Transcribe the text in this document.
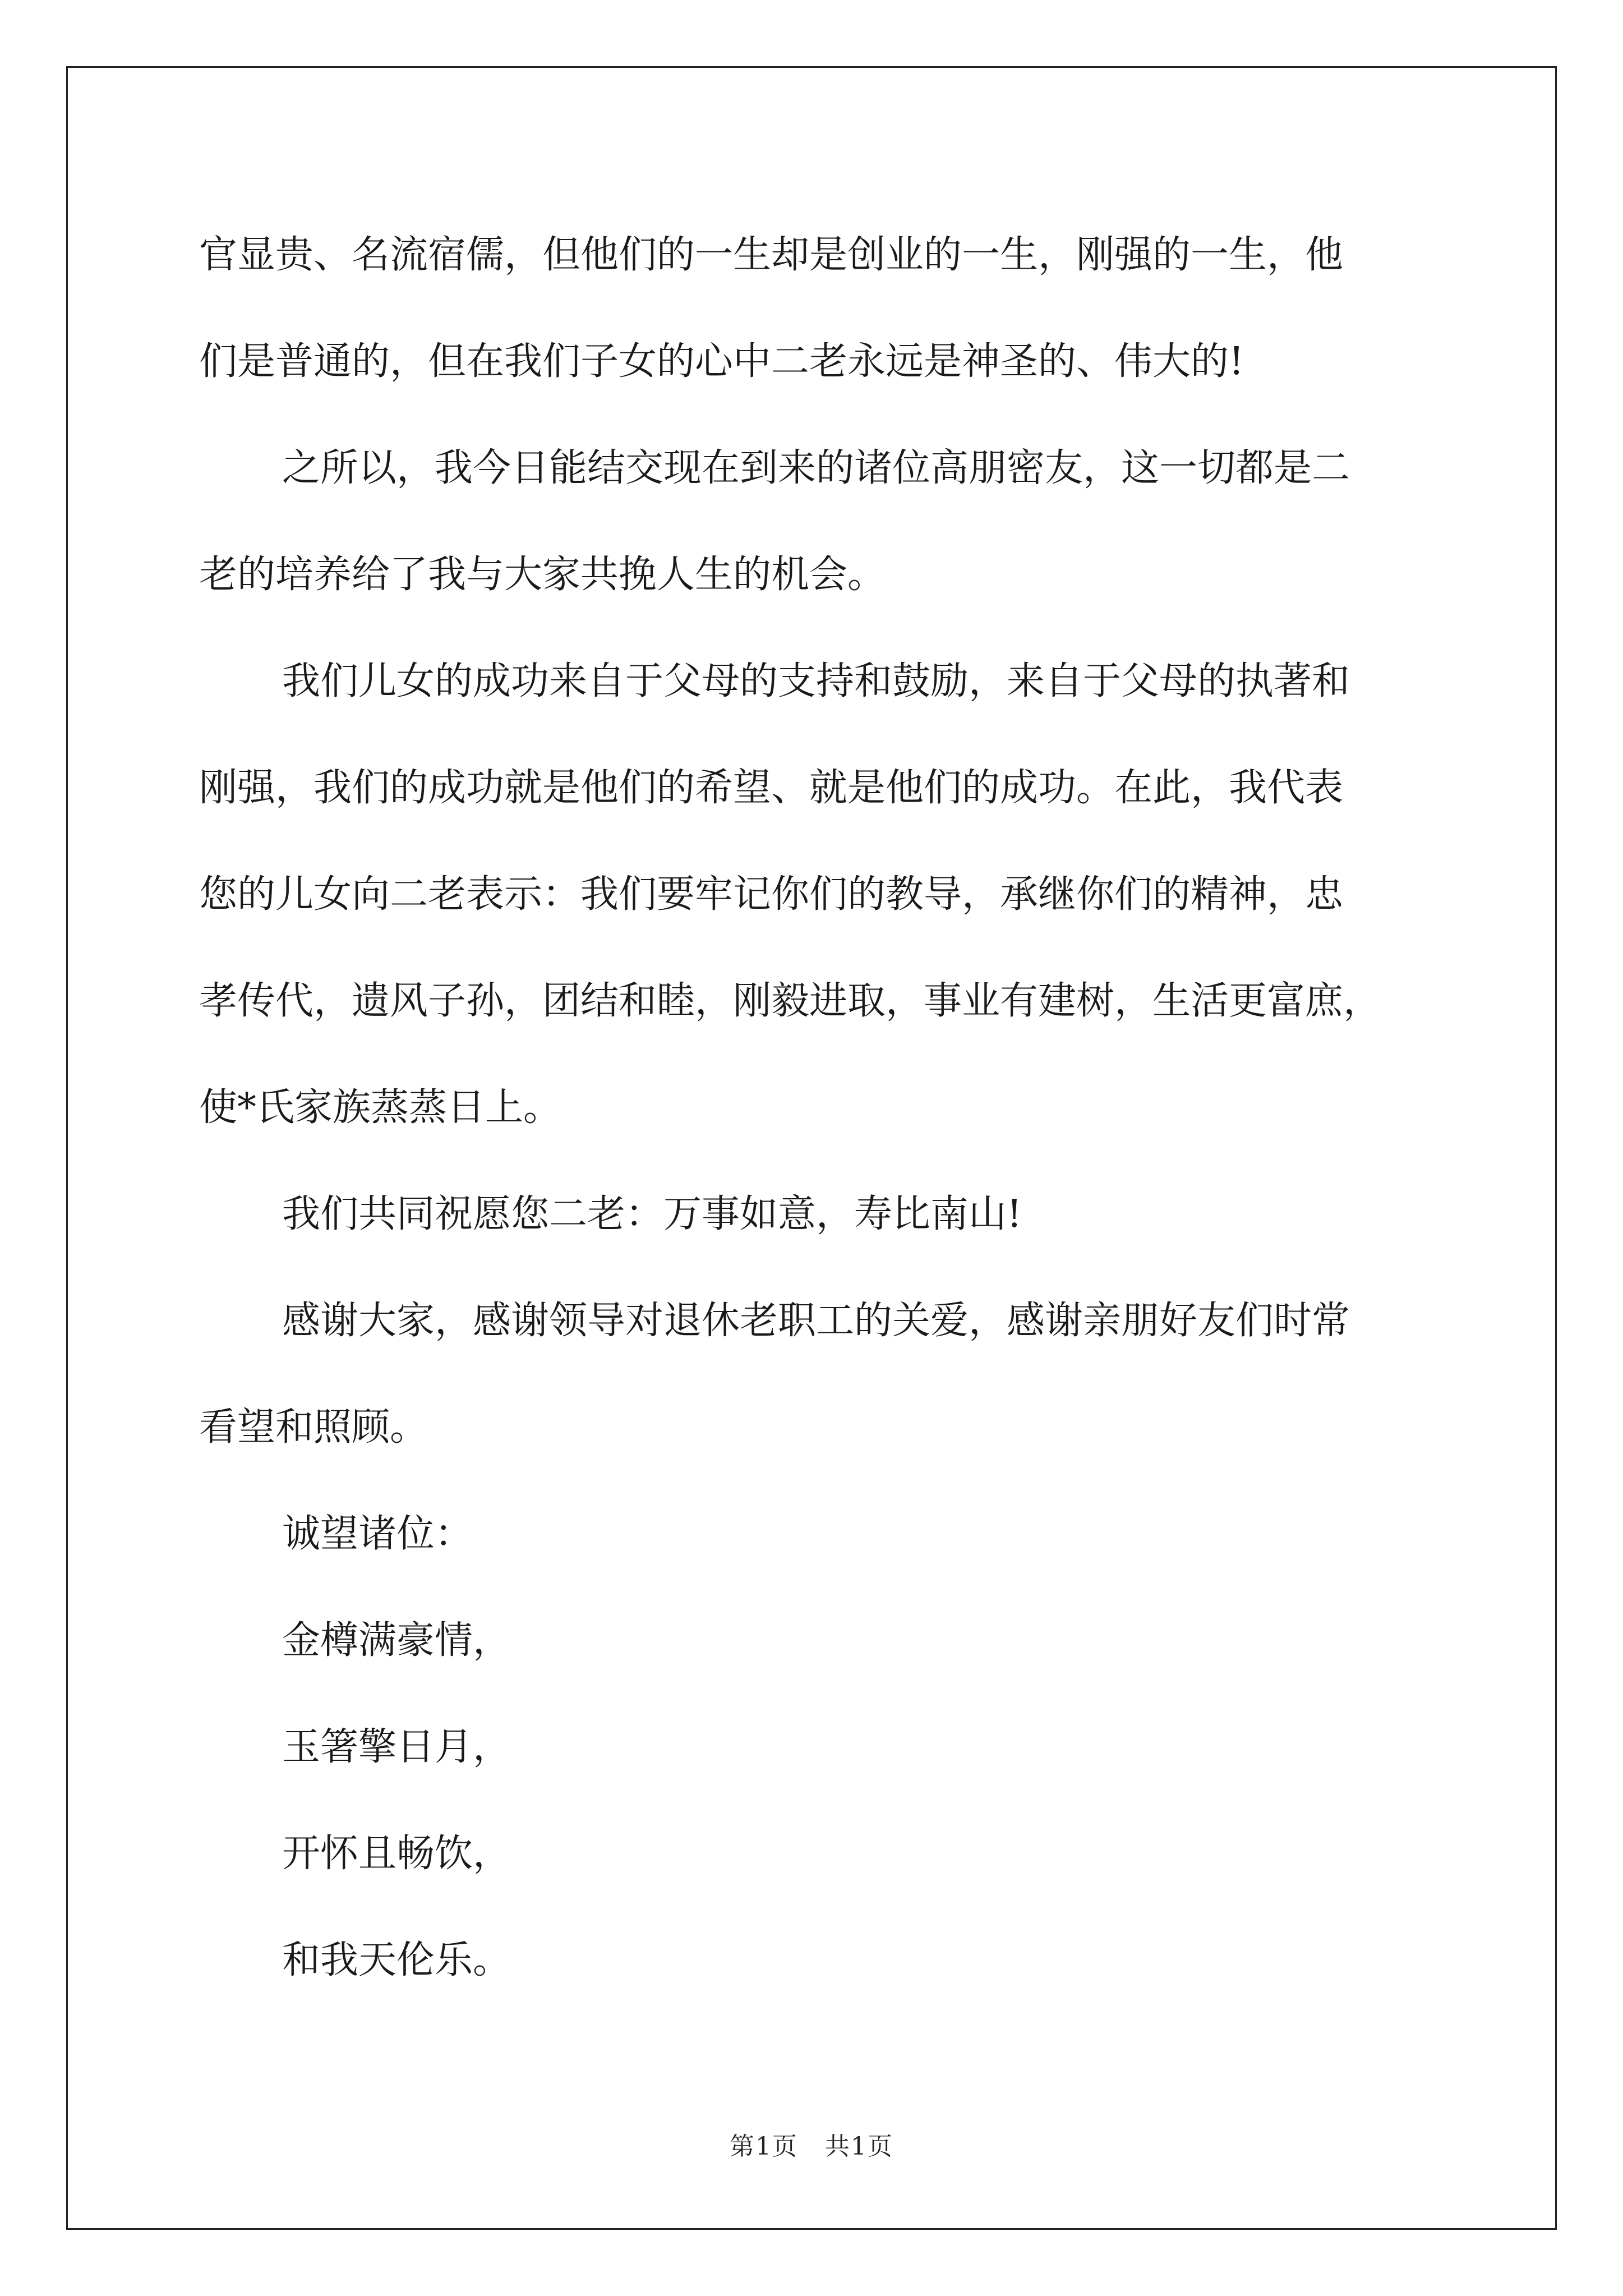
官显贵、名流宿儒，但他们的一生却是创业的一生，刚强的一生，他

们是普通的，但在我们子女的心中二老永远是神圣的、伟大的!

之所以，我今日能结交现在到来的诸位高朋密友，这一切都是二

老的培养给了我与大家共挽人生的机会。

我们儿女的成功来自于父母的支持和鼓励，来自于父母的执著和

刚强，我们的成功就是他们的希望、就是他们的成功。在此，我代表

您的儿女向二老表示：我们要牢记你们的教导，承继你们的精神，忠

孝传代，遗风子孙，团结和睦，刚毅进取，事业有建树，生活更富庶，

使*氏家族蒸蒸日上。

我们共同祝愿您二老：万事如意，寿比南山!

感谢大家，感谢领导对退休老职工的关爱，感谢亲朋好友们时常

看望和照顾。

诚望诸位：

金樽满豪情，

玉箸擎日月，

开怀且畅饮，

和我天伦乐。

第1页 共1页
